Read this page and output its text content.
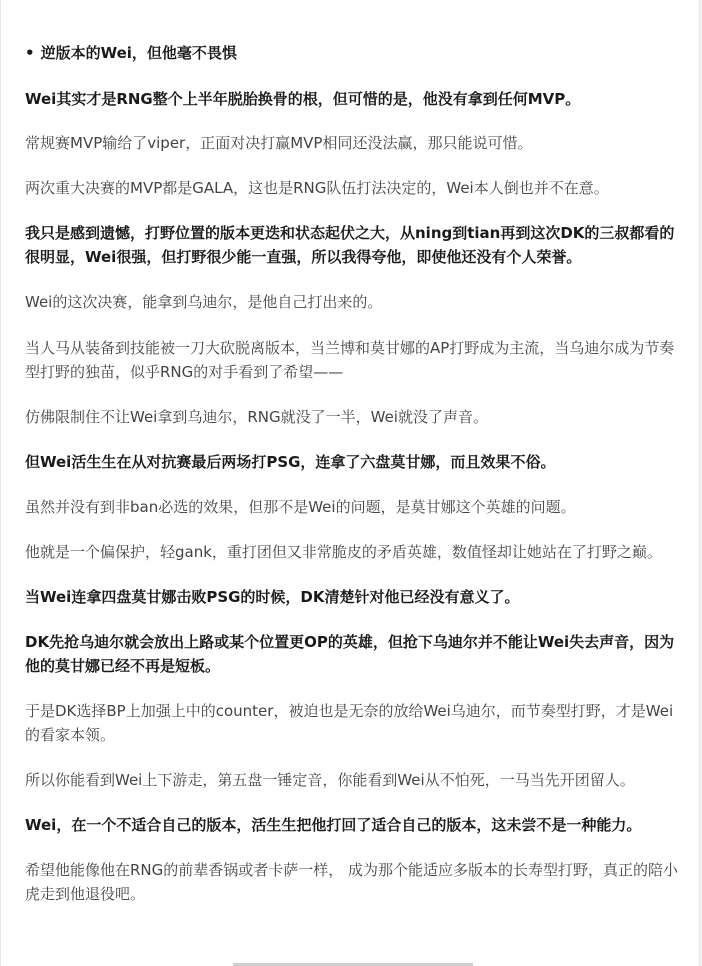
• 逆版本的Wei，但他毫不畏惧

Wei其实才是RNG整个上半年脱胎换骨的根，但可惜的是，他没有拿到任何MVP。

常规赛MVP输给了viper，正面对决打赢MVP相同还没法赢，那只能说可惜。

两次重大决赛的MVP都是GALA，这也是RNG队伍打法决定的，Wei本人倒也并不在意。

我只是感到遗憾，打野位置的版本更迭和状态起伏之大，从ning到tian再到这次DK的三叔都看的很明显，Wei很强，但打野很少能一直强，所以我得夸他，即使他还没有个人荣誉。

Wei的这次决赛，能拿到乌迪尔，是他自己打出来的。

当人马从装备到技能被一刀大砍脱离版本，当兰博和莫甘娜的AP打野成为主流，当乌迪尔成为节奏型打野的独苗，似乎RNG的对手看到了希望——

仿佛限制住不让Wei拿到乌迪尔，RNG就没了一半，Wei就没了声音。

但Wei活生生在从对抗赛最后两场打PSG，连拿了六盘莫甘娜，而且效果不俗。

虽然并没有到非ban必选的效果，但那不是Wei的问题，是莫甘娜这个英雄的问题。

他就是一个偏保护，轻gank，重打团但又非常脆皮的矛盾英雄，数值怪却让她站在了打野之巅。

当Wei连拿四盘莫甘娜击败PSG的时候，DK清楚针对他已经没有意义了。

DK先抢乌迪尔就会放出上路或某个位置更OP的英雄，但抢下乌迪尔并不能让Wei失去声音，因为他的莫甘娜已经不再是短板。

于是DK选择BP上加强上中的counter，被迫也是无奈的放给Wei乌迪尔，而节奏型打野，才是Wei的看家本领。

所以你能看到Wei上下游走，第五盘一锤定音，你能看到Wei从不怕死，一马当先开团留人。

Wei，在一个不适合自己的版本，活生生把他打回了适合自己的版本，这未尝不是一种能力。

希望他能像他在RNG的前辈香锅或者卡萨一样， 成为那个能适应多版本的长寿型打野，真正的陪小虎走到他退役吧。
